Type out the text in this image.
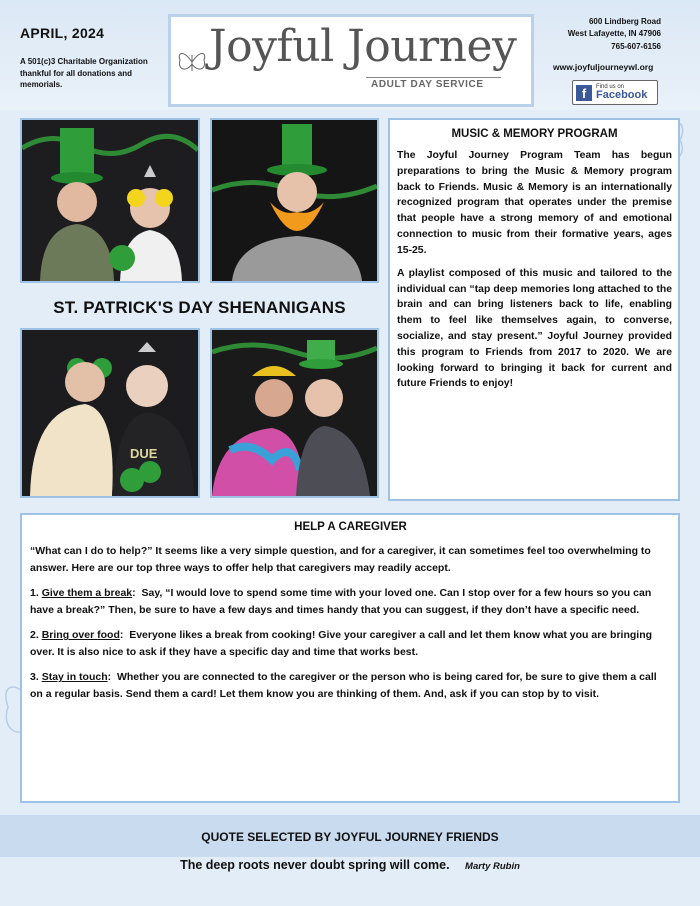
APRIL, 2024
A 501(c)3 Charitable Organization thankful for all donations and memorials.
Joyful Journey
ADULT DAY SERVICE
600 Lindberg Road
West Lafayette, IN 47906
765-607-6156
www.joyfuljourneywl.org
f	Find us on
Facebook
ST. PATRICK'S DAY SHENANIGANS
DUE
MUSIC & MEMORY PROGRAM

The Joyful Journey Program Team has begun preparations to bring the Music & Memory program back to Friends. Music & Memory is an internationally recognized program that operates under the premise that people have a strong memory of and emotional connection to music from their formative years, ages 15-25.

A playlist composed of this music and tailored to the individual can “tap deep memories long attached to the brain and can bring listeners back to life, enabling them to feel like themselves again, to converse, socialize, and stay present.” Joyful Journey provided this program to Friends from 2017 to 2020. We are looking forward to bringing it back for current and future Friends to enjoy!

HELP A CAREGIVER

“What can I do to help?” It seems like a very simple question, and for a caregiver, it can sometimes feel too overwhelming to answer. Here are our top three ways to offer help that caregivers may readily accept.

1. Give them a break:  Say, “I would love to spend some time with your loved one. Can I stop over for a few hours so you can have a break?” Then, be sure to have a few days and times handy that you can suggest, if they don’t have a specific need.

2. Bring over food:  Everyone likes a break from cooking! Give your caregiver a call and let them know what you are bringing over. It is also nice to ask if they have a specific day and time that works best.

3. Stay in touch:  Whether you are connected to the caregiver or the person who is being cared for, be sure to give them a call on a regular basis. Send them a card! Let them know you are thinking of them. And, ask if you can stop by to visit.

QUOTE SELECTED BY JOYFUL JOURNEY FRIENDS
The deep roots never doubt spring will come. Marty Rubin
